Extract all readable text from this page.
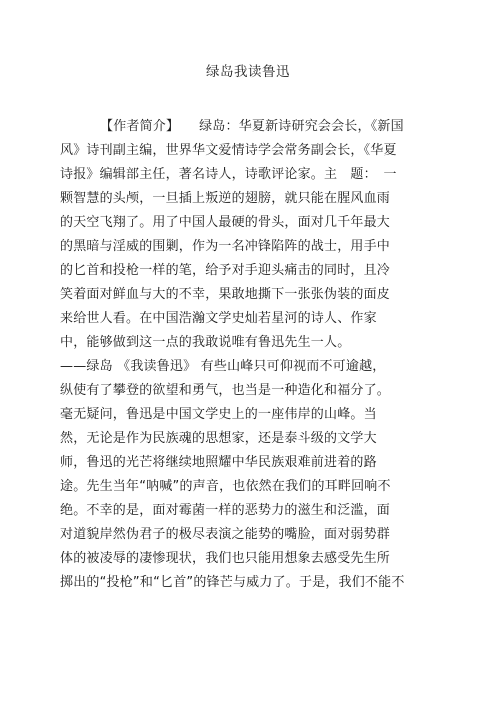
绿岛我读鲁迅
【作者简介】　　绿岛：华夏新诗研究会会长，《新国
风》诗刊副主编，世界华文爱情诗学会常务副会长，《华夏
诗报》编辑部主任，著名诗人，诗歌评论家。主　题：　一
颗智慧的头颅，一旦插上叛逆的翅膀，就只能在腥风血雨
的天空飞翔了。用了中国人最硬的骨头，面对几千年最大
的黑暗与淫威的围剿，作为一名冲锋陷阵的战士，用手中
的匕首和投枪一样的笔，给予对手迎头痛击的同时，且冷
笑着面对鲜血与大的不幸，果敢地撕下一张张伪装的面皮
来给世人看。在中国浩瀚文学史灿若星河的诗人、作家
中，能够做到这一点的我敢说唯有鲁迅先生一人。
——绿岛 《我读鲁迅》 有些山峰只可仰视而不可逾越，
纵使有了攀登的欲望和勇气，也当是一种造化和福分了。
毫无疑问，鲁迅是中国文学史上的一座伟岸的山峰。当
然，无论是作为民族魂的思想家，还是泰斗级的文学大
师，鲁迅的光芒将继续地照耀中华民族艰难前进着的路
途。先生当年“呐喊”的声音，也依然在我们的耳畔回响不
绝。不幸的是，面对霉菌一样的恶势力的滋生和泛滥，面
对道貌岸然伪君子的极尽表演之能势的嘴脸，面对弱势群
体的被凌辱的凄惨现状，我们也只能用想象去感受先生所
掷出的“投枪”和“匕首”的锋芒与威力了。于是，我们不能不
